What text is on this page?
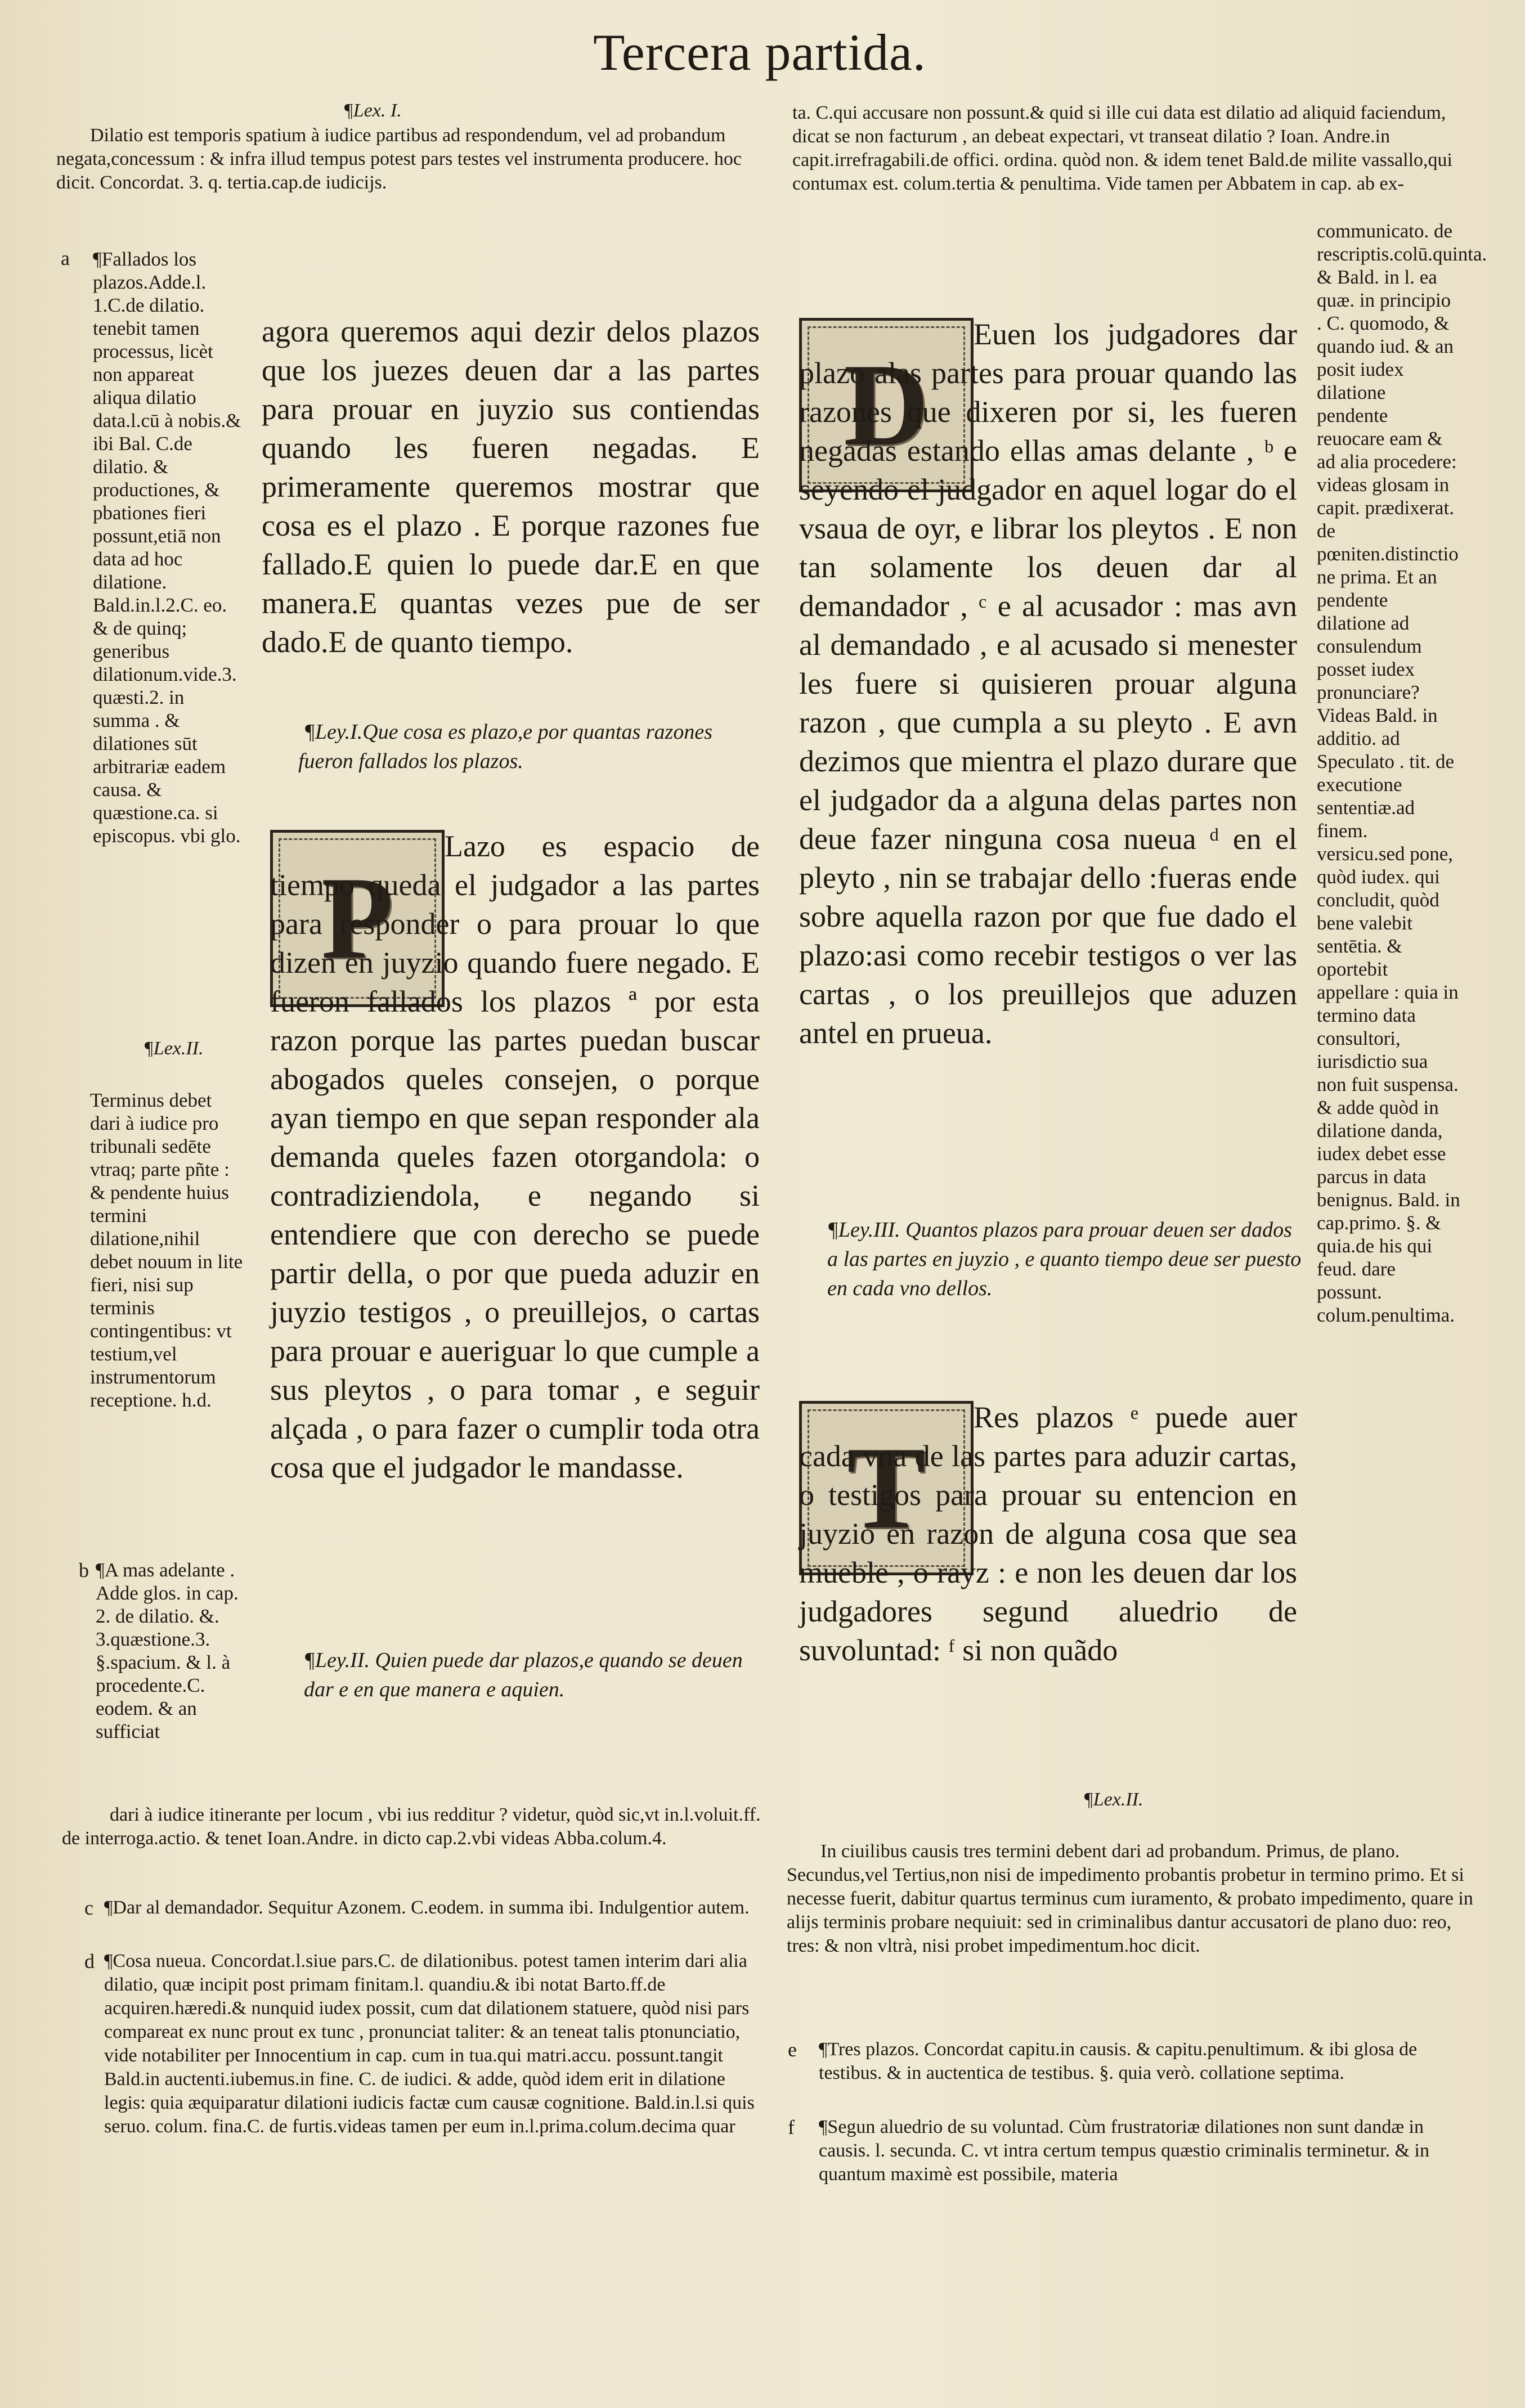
Tercera partida.
¶Lex. I.
Dilatio est temporis spatium à iudice partibus ad respondendum, vel ad probandum negata,concessum : & infra illud tempus potest pars testes vel instrumenta producere. hoc dicit. Concordat. 3. q. tertia.cap.de iudicijs.
ta. C.qui accusare non possunt.& quid si ille cui data est dilatio ad aliquid faciendum, dicat se non facturum , an debeat expectari, vt transeat dilatio ? Ioan. Andre.in capit.irrefragabili.de offici. ordina. quòd non. & idem tenet Bald.de milite vassallo,qui contumax est. colum.tertia & penultima. Vide tamen per Abbatem in cap. ab ex-
a ¶Fallados los plazos.Adde.l. 1.C.de dilatio. tenebit tamen processus, licèt non appareat aliqua dilatio data.l.cū à nobis.& ibi Bal. C.de dilatio. & productiones, & pbationes fieri possunt,etiā non data ad hoc dilatione. Bald.in.l.2.C. eo. & de quinq; generibus dilationum.vide.3. quæsti.2. in summa . & dilationes sūt arbitrariæ eadem causa. & quæstione.ca. si episcopus. vbi glo.
¶Lex.II.
Terminus debet dari à iudice pro tribunali sedēte vtraq; parte pñte : & pendente huius termini dilatione,nihil debet nouum in lite fieri, nisi sup terminis contingentibus: vt testium,vel instrumentorum receptione. h.d.
b ¶A mas adelante . Adde glos. in cap. 2. de dilatio. &. 3.quæstione.3. §.spacium. & l. à procedente.C. eodem. & an sufficiat
agora queremos aqui dezir delos plazos que los juezes deuen dar a las partes para prouar en juyzio sus contiendas quando les fueren negadas. E primeramente queremos mostrar que cosa es el plazo . E porque razones fue fallado.E quien lo puede dar.E en que manera.E quantas vezes pue de ser dado.E de quanto tiempo.
¶Ley.I.Que cosa es plazo,e por quantas razones fueron fallados los plazos.
P
Lazo es espacio de tiempo queda el judgador a las partes para responder o para prouar lo que dizen en juyzio quando fuere negado. E fueron fallados los plazos ª por esta razon porque las partes puedan buscar abogados queles consejen, o porque ayan tiempo en que sepan responder ala demanda queles fazen otorgandola: o contradiziendola, e negando si entendiere que con derecho se puede partir della, o por que pueda aduzir en juyzio testigos , o preuillejos, o cartas para prouar e aueriguar lo que cumple a sus pleytos , o para tomar , e seguir alçada , o para fazer o cumplir toda otra cosa que el judgador le mandasse.
¶Ley.II. Quien puede dar plazos,e quando se deuen dar e en que manera e aquien.
D
Euen los judgadores dar plazo alas partes para prouar quando las razones que dixeren por si, les fueren negadas estando ellas amas delante , ᵇ e seyendo el judgador en aquel logar do el vsaua de oyr, e librar los pleytos . E non tan solamente los deuen dar al demandador , ᶜ e al acusador : mas avn al demandado , e al acusado si menester les fuere si quisieren prouar alguna razon , que cumpla a su pleyto . E avn dezimos que mientra el plazo durare que el judgador da a alguna delas partes non deue fazer ninguna cosa nueua ᵈ en el pleyto , nin se trabajar dello :fueras ende sobre aquella razon por que fue dado el plazo:asi como recebir testigos o ver las cartas , o los preuillejos que aduzen antel en prueua.
¶Ley.III. Quantos plazos para prouar deuen ser dados a las partes en juyzio , e quanto tiempo deue ser puesto en cada vno dellos.
T
Res plazos ᵉ puede auer cada vna de las partes para aduzir cartas, o testigos para prouar su entencion en juyzio en razon de alguna cosa que sea mueble , o rayz : e non les deuen dar los judgadores segund aluedrio de suvoluntad: ᶠ si non quãdo
communicato. de rescriptis.colū.quinta. & Bald. in l. ea quæ. in principio . C. quomodo, & quando iud. & an posit iudex dilatione pendente reuocare eam & ad alia procedere: videas glosam in capit. prædixerat. de pœniten.distinctio ne prima. Et an pendente dilatione ad consulendum posset iudex pronunciare? Videas Bald. in additio. ad Speculato . tit. de executione sententiæ.ad finem. versicu.sed pone, quòd iudex. qui concludit, quòd bene valebit sentētia. & oportebit appellare : quia in termino data consultori, iurisdictio sua non fuit suspensa. & adde quòd in dilatione danda, iudex debet esse parcus in data benignus. Bald. in cap.primo. §. & quia.de his qui feud. dare possunt. colum.penultima.
dari à iudice itinerante per locum , vbi ius redditur ? videtur, quòd sic,vt in.l.voluit.ff. de interroga.actio. & tenet Ioan.Andre. in dicto cap.2.vbi videas Abba.colum.4.
c ¶Dar al demandador. Sequitur Azonem. C.eodem. in summa ibi. Indulgentior autem.
d ¶Cosa nueua. Concordat.l.siue pars.C. de dilationibus. potest tamen interim dari alia dilatio, quæ incipit post primam finitam.l. quandiu.& ibi notat Barto.ff.de acquiren.hæredi.& nunquid iudex possit, cum dat dilationem statuere, quòd nisi pars compareat ex nunc prout ex tunc , pronunciat taliter: & an teneat talis ptonunciatio, vide notabiliter per Innocentium in cap. cum in tua.qui matri.accu. possunt.tangit Bald.in auctenti.iubemus.in fine. C. de iudici. & adde, quòd idem erit in dilatione legis: quia æquiparatur dilationi iudicis factæ cum causæ cognitione. Bald.in.l.si quis seruo. colum. fina.C. de furtis.videas tamen per eum in.l.prima.colum.decima quar
¶Lex.II.
In ciuilibus causis tres termini debent dari ad probandum. Primus, de plano. Secundus,vel Tertius,non nisi de impedimento probantis probetur in termino primo. Et si necesse fuerit, dabitur quartus terminus cum iuramento, & probato impedimento, quare in alijs terminis probare nequiuit: sed in criminalibus dantur accusatori de plano duo: reo, tres: & non vltrà, nisi probet impedimentum.hoc dicit.
e ¶Tres plazos. Concordat capitu.in causis. & capitu.penultimum. & ibi glosa de testibus. & in auctentica de testibus. §. quia verò. collatione septima.
f ¶Segun aluedrio de su voluntad. Cùm frustratoriæ dilationes non sunt dandæ in causis. l. secunda. C. vt intra certum tempus quæstio criminalis terminetur. & in quantum maximè est possibile, materia
